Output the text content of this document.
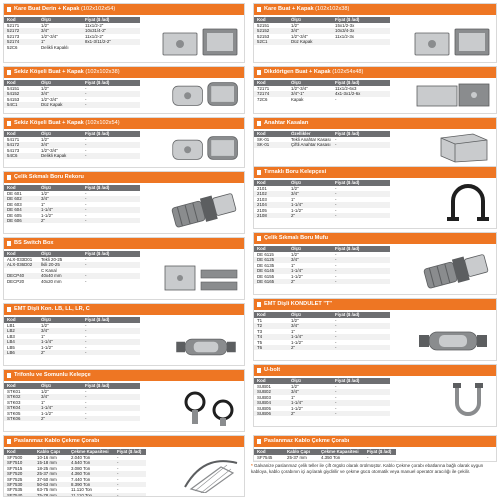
Kare Buat Derin + Kapak (102x102x54)
Kod	Ölçü	Fiyat ($ /ad)
52171	1/2"	11x1/2-2"
52172	3/4"	10x31/4-2"
52173	1/2"-3/4"	11x1/2-2"
52174	1"	8x1-3/11/2-2"
52C6	Delikli Kapaklı	
Kare Buat + Kapak (102x102x38)
Kod	Ölçü	Fiyat ($ /ad)
52151	1/2"	15x1/2-3x
52152	3/4"	10x3/4-3x
52153	1/2"-3/4"	11x1/2-3x
52C1	Düz Kapak	
Sekiz Köşeli Buat + Kapak (102x102x38)
Kod	Ölçü	Fiyat ($ /ad)
54151	1/2"	-
54152	3/4"	-
54153	1/2"-3/4"	-
54C1	Düz Kapak	-
Dikdörtgen Buat + Kapak (102x54x48)
Kod	Ölçü	Fiyat ($ /ad)
72171	1/2"-3/4"	11x1/2-6x3
72174	3/4"-1"	4x1-3x1/2-6x
72C6	Kapak	-
Sekiz Köşeli Buat + Kapak (102x102x54)
Kod	Ölçü	Fiyat ($ /ad)
54171	1/2"	-
54172	3/4"	-
54173	1/2"-3/4"	-
54C6	Delikli Kapak	-
Anahtar Kasaları
Kod	Özellikler	Fiyat ($ /ad)
SK-01	Tekli Anahtar Kasası	-
SK-01	Çiftli Anahtar Kasası	-
Çelik Sıkmalı Boru Rekoru
Kod	Ölçü	Fiyat ($ /ad)
DE 601	1/2"	-
DE 602	3/4"	-
DE 603	1"	-
DE 604	1-1/4"	-
DE 605	1-1/2"	-
DE 606	2"	-
Tırnaklı Boru Kelepçesi
Kod	Ölçü	Fiyat ($ /ad)
2101	1/2"	-
2102	3/4"	-
2103	1"	-
2104	1-1/4"	-
2105	1-1/2"	-
2108	2"	-
BS Switch Box
Kod	Ölçü	Fiyat ($ /ad)
ALX-033D01	Tekli 20-25	-
ALX-036D02	İkili 20-25	-
	C Kanal	
DECP40	40x40 mm	-
DECP20	40x20 mm	-
Çelik Sıkmalı Boru Mufu
Kod	Ölçü	Fiyat ($ /ad)
DE 6115	1/2"	-
DE 6125	3/4"	-
DE 6135	1"	-
DE 6145	1-1/4"	-
DE 6155	1-1/2"	-
DE 6165	2"	-
EMT Dişli Kon. LB, LL, LR, C
Kod	Ölçü	Fiyat ($ /ad)
LB1	1/2"	-
LB2	3/4"	-
LB3	1"	-
LB4	1-1/4"	-
LB5	1-1/2"	-
LB6	2"	-
EMT Dişli KONDULET "T"
Kod	Ölçü	Fiyat ($ /ad)
T1	1/2"	-
T2	3/4"	-
T3	1"	-
T4	1-1/4"	-
T5	1-1/2"	-
T6	2"	-
Trifonlu ve Somunlu Kelepçe
Kod	Ölçü	Fiyat ($ /ad)
STK01	1/2"	-
STK02	3/4"	-
STK03	1"	-
STK04	1-1/4"	-
STK05	1-1/2"	-
STK06	2"	-
U-bolt
Kod	Ölçü	Fiyat ($ /ad)
SUB01	1/2"	-
SUB02	3/4"	-
SUB03	1"	-
SUB04	1-1/4"	-
SUB05	1-1/2"	-
SUB06	2"	-
Paslanmaz Kablo Çekme Çorabı
Kod	Kablo Çapı	Çekme Kapasitesi	Fiyat ($ /ad)
SF7500	10-16 mm	2.040 Ton	-
SF7510	15-18 mm	4.540 Ton	-
SF7515	18-25 mm	3.080 Ton	-
SF7520	25-37 mm	4.360 Ton	-
SF7525	37-50 mm	7.440 Ton	-
SF7530	50-63 mm	8.390 Ton	-
SF7535	63-75 mm	11.110 Ton	-
SF7540	75-78 mm	11.110 Ton	-
Paslanmaz Kablo Çekme Çorabı
Kod	Kablo Çapı	Çekme Kapasitesi	Fiyat ($ /ad)
SF7545	25-37 mm	4.350 Ton	-

* Galvanize paslanmaz çelik teller ile çift örgülü olarak örülmüştür. Kablo Çekme çorabı ebatlarına bağlı olarak uygun kabloya, kablo çorabının içi açılarak giydirilir ve çekme gücü otomatik veya manuel operatör aracılığı ile çekilir.
